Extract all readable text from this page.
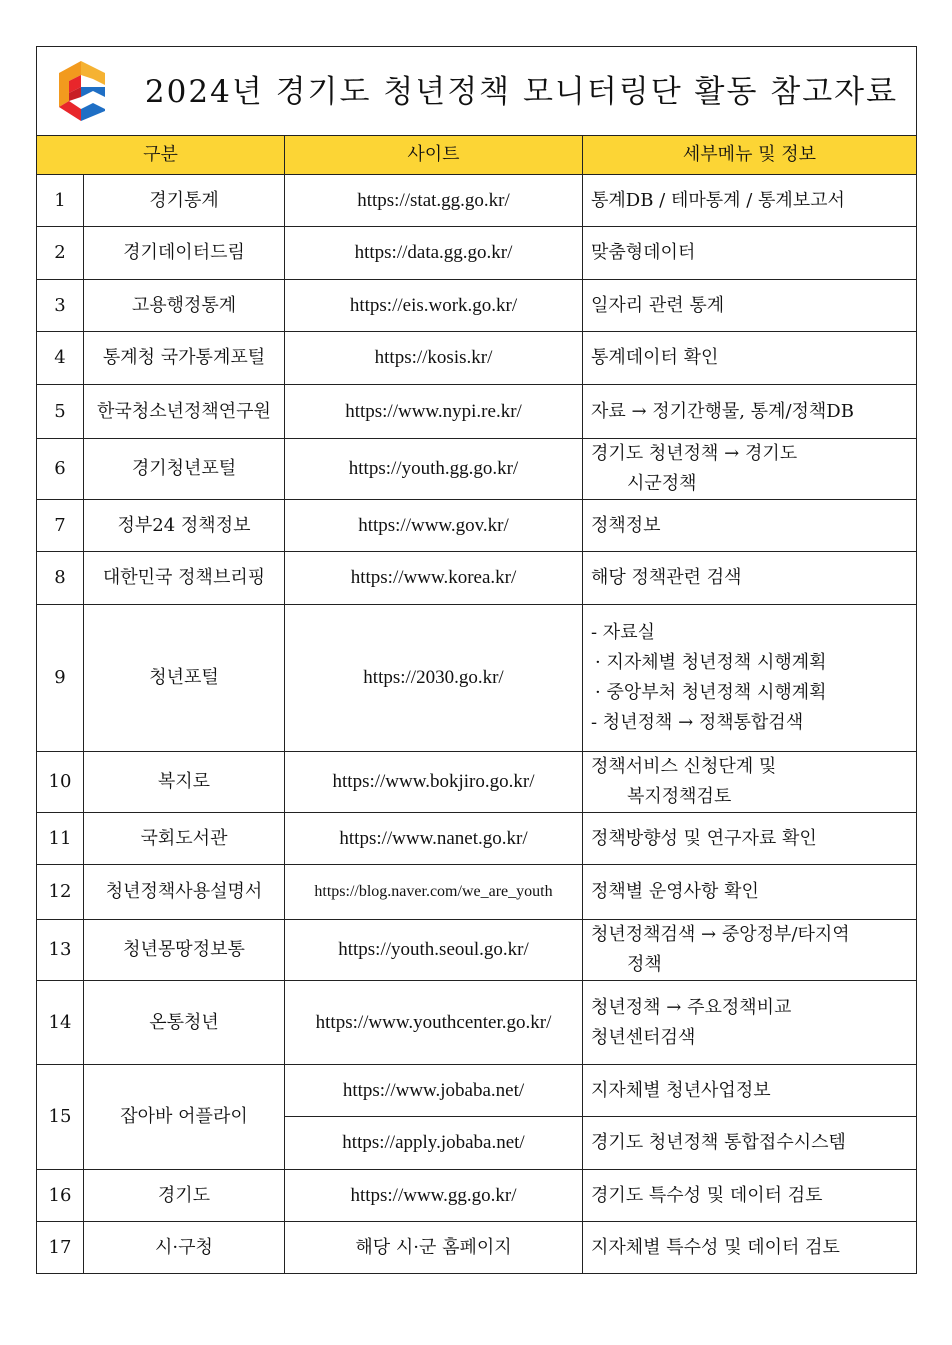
2024년 경기도 청년정책 모니터링단 활동 참고자료			

구분		사이트	세부메뉴 및 정보
1	경기통계	https://stat.gg.go.kr/	통계DB / 테마통계 / 통계보고서

2	경기데이터드림	https://data.gg.go.kr/	맞춤형데이터

3	고용행정통계	https://eis.work.go.kr/	일자리 관련 통계

4	통계청 국가통계포털	https://kosis.kr/	통계데이터 확인

5	한국청소년정책연구원	https://www.nypi.re.kr/	자료 → 정기간행물, 통계/정책DB

6	경기청년포털	https://youth.gg.go.kr/	경기도 청년정책 → 경기도
시군정책

7	정부24 정책정보	https://www.gov.kr/	정책정보

8	대한민국 정책브리핑	https://www.korea.kr/	해당 정책관련 검색

9	청년포털	https://2030.go.kr/	- 자료실
· 지자체별 청년정책 시행계획
· 중앙부처 청년정책 시행계획
- 청년정책 → 정책통합검색

10	복지로	https://www.bokjiro.go.kr/	정책서비스 신청단계 및
복지정책검토

11	국회도서관	https://www.nanet.go.kr/	정책방향성 및 연구자료 확인

12	청년정책사용설명서	https://blog.naver.com/we_are_youth	정책별 운영사항 확인

13	청년몽땅정보통	https://youth.seoul.go.kr/	청년정책검색 → 중앙정부/타지역
정책

14	온통청년	https://www.youthcenter.go.kr/	청년정책 → 주요정책비교
청년센터검색

15	잡아바 어플라이	https://www.jobaba.net/	지자체별 청년사업정보

		https://apply.jobaba.net/	경기도 청년정책 통합접수시스템

16	경기도	https://www.gg.go.kr/	경기도 특수성 및 데이터 검토

17	시·구청	해당 시·군 홈페이지	지자체별 특수성 및 데이터 검토
